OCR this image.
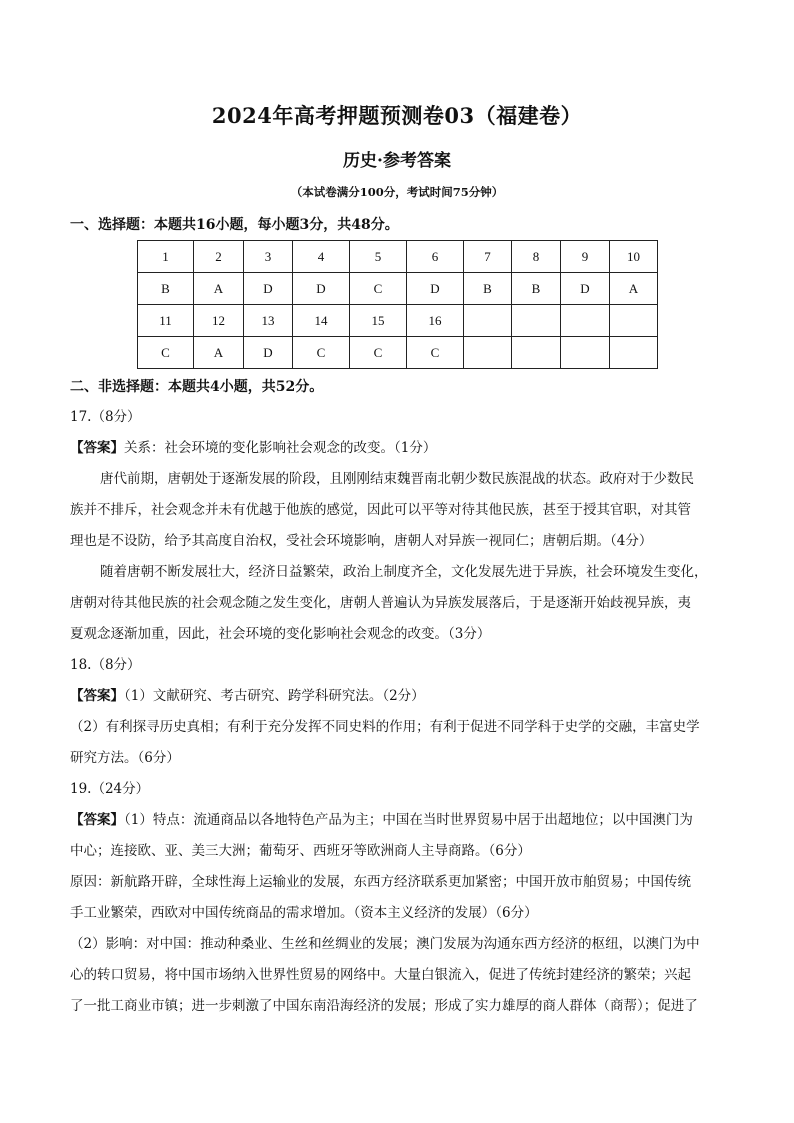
2024年高考押题预测卷03（福建卷）
历史·参考答案
（本试卷满分100分，考试时间75分钟）
一、选择题：本题共16小题，每小题3分，共48分。
1	2	3	4	5	6	7	8	9	10
B	A	D	D	C	D	B	B	D	A
11	12	13	14	15	16				
C	A	D	C	C	C				
二、非选择题：本题共4小题，共52分。
17.（8分）
【答案】关系：社会环境的变化影响社会观念的改变。（1分）
唐代前期，唐朝处于逐渐发展的阶段，且刚刚结束魏晋南北朝少数民族混战的状态。政府对于少数民
族并不排斥，社会观念并未有优越于他族的感觉，因此可以平等对待其他民族，甚至于授其官职，对其管
理也是不设防，给予其高度自治权，受社会环境影响，唐朝人对异族一视同仁；唐朝后期。（4分）
随着唐朝不断发展壮大，经济日益繁荣，政治上制度齐全，文化发展先进于异族，社会环境发生变化，
唐朝对待其他民族的社会观念随之发生变化，唐朝人普遍认为异族发展落后，于是逐渐开始歧视异族，夷
夏观念逐渐加重，因此，社会环境的变化影响社会观念的改变。（3分）
18.（8分）
【答案】（1）文献研究、考古研究、跨学科研究法。（2分）
（2）有利探寻历史真相；有利于充分发挥不同史料的作用；有利于促进不同学科于史学的交融，丰富史学
研究方法。（6分）
19.（24分）
【答案】（1）特点：流通商品以各地特色产品为主；中国在当时世界贸易中居于出超地位；以中国澳门为
中心；连接欧、亚、美三大洲；葡萄牙、西班牙等欧洲商人主导商路。（6分）
原因：新航路开辟，全球性海上运输业的发展，东西方经济联系更加紧密；中国开放市舶贸易；中国传统
手工业繁荣，西欧对中国传统商品的需求增加。（资本主义经济的发展）（6分）
（2）影响：对中国：推动种桑业、生丝和丝绸业的发展；澳门发展为沟通东西方经济的枢纽，以澳门为中
心的转口贸易，将中国市场纳入世界性贸易的网络中。大量白银流入，促进了传统封建经济的繁荣；兴起
了一批工商业市镇；进一步刺激了中国东南沿海经济的发展；形成了实力雄厚的商人群体（商帮）；促进了
